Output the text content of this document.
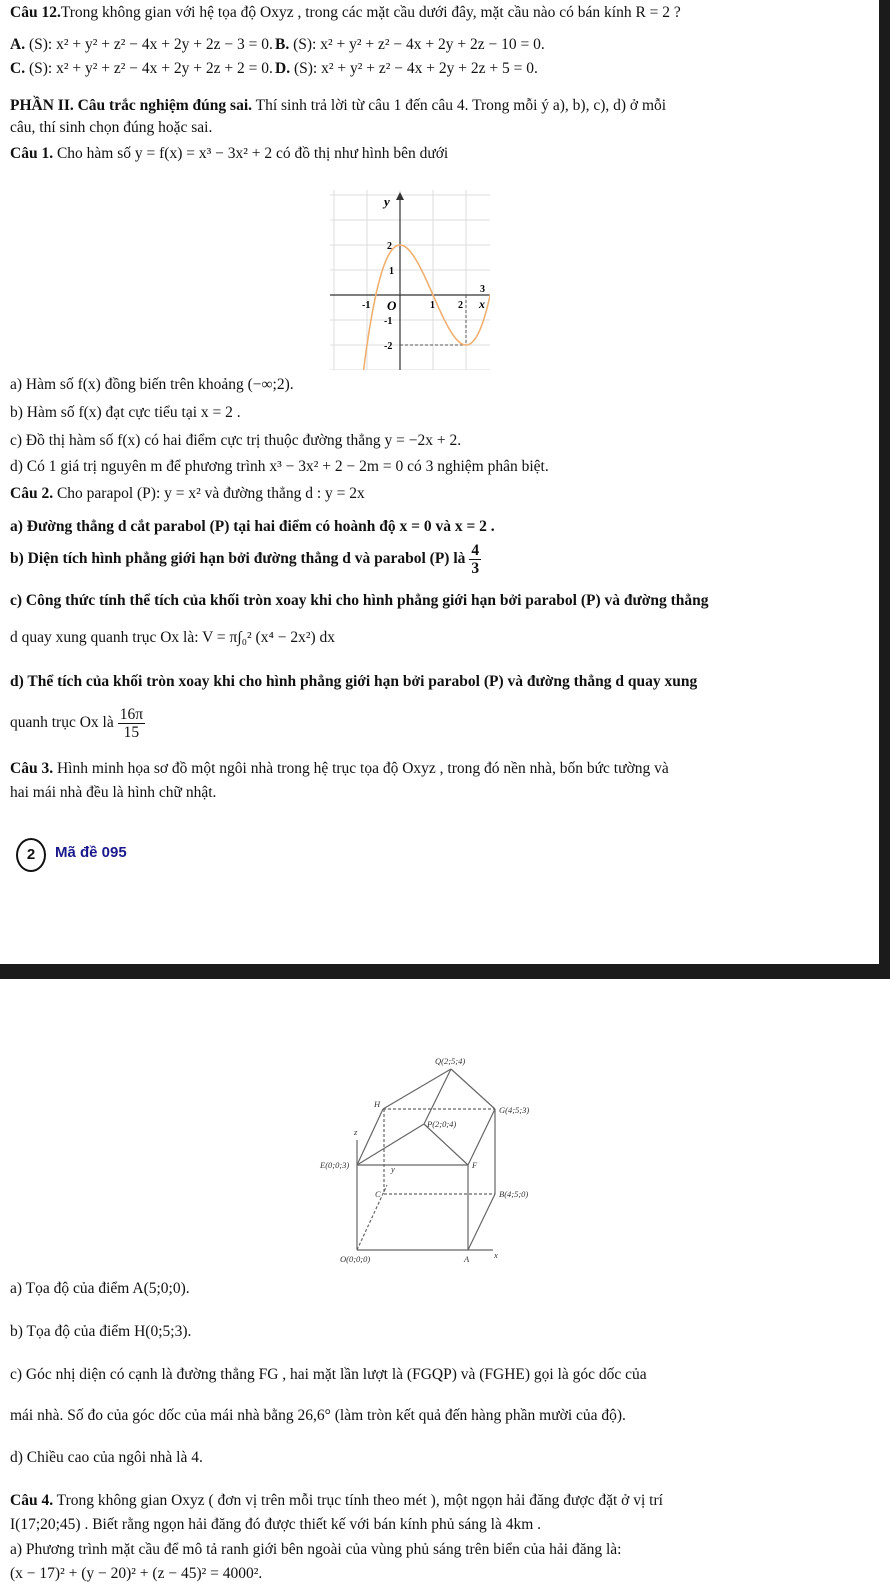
Câu 12.Trong không gian với hệ tọa độ Oxyz , trong các mặt cầu dưới đây, mặt cầu nào có bán kính R = 2 ?
A. (S): x² + y² + z² − 4x + 2y + 2z − 3 = 0. B. (S): x² + y² + z² − 4x + 2y + 2z − 10 = 0.
C. (S): x² + y² + z² − 4x + 2y + 2z + 2 = 0. D. (S): x² + y² + z² − 4x + 2y + 2z + 5 = 0.
PHẦN II. Câu trắc nghiệm đúng sai. Thí sinh trả lời từ câu 1 đến câu 4. Trong mỗi ý a), b), c), d) ở mỗi
câu, thí sinh chọn đúng hoặc sai.
Câu 1. Cho hàm số y = f(x) = x³ − 3x² + 2 có đồ thị như hình bên dưới
y
x
O
-1	1 2
3
2
1
-1
-2
a) Hàm số f(x) đồng biến trên khoảng (−∞;2).
b) Hàm số f(x) đạt cực tiểu tại x = 2 .
c) Đồ thị hàm số f(x) có hai điểm cực trị thuộc đường thẳng y = −2x + 2.
d) Có 1 giá trị nguyên m để phương trình x³ − 3x² + 2 − 2m = 0 có 3 nghiệm phân biệt.
Câu 2. Cho parapol (P): y = x² và đường thẳng d : y = 2x
a) Đường thẳng d cắt parabol (P) tại hai điểm có hoành độ x = 0 và x = 2 .
b) Diện tích hình phẳng giới hạn bởi đường thẳng d và parabol (P) là $\frac{4}{3}$
c) Công thức tính thể tích của khối tròn xoay khi cho hình phẳng giới hạn bởi parabol (P) và đường thẳng
d quay xung quanh trục Ox là: V = π∫₀² (x⁴ − 2x²) dx
d) Thể tích của khối tròn xoay khi cho hình phẳng giới hạn bởi parabol (P) và đường thẳng d quay xung
quanh trục Ox là $\frac{16\pi}{15}$
Câu 3. Hình minh họa sơ đồ một ngôi nhà trong hệ trục tọa độ Oxyz , trong đó nền nhà, bốn bức tường và
hai mái nhà đều là hình chữ nhật.
2	Mã đề 095
Q(2;5;4)
H
G(4;5;3)
P(2;0;4)
z
E(0;0;3)	F
y
C	B(4;5;0)
O(0;0;0)	A	x
a) Tọa độ của điểm A(5;0;0).
b) Tọa độ của điểm H(0;5;3).
c) Góc nhị diện có cạnh là đường thẳng FG , hai mặt lần lượt là (FGQP) và (FGHE) gọi là góc dốc của
mái nhà. Số đo của góc dốc của mái nhà bằng 26,6° (làm tròn kết quả đến hàng phần mười của độ).
d) Chiều cao của ngôi nhà là 4.
Câu 4. Trong không gian Oxyz ( đơn vị trên mỗi trục tính theo mét ), một ngọn hải đăng được đặt ở vị trí
I(17;20;45) . Biết rằng ngọn hải đăng đó được thiết kế với bán kính phủ sáng là 4km .
a) Phương trình mặt cầu để mô tả ranh giới bên ngoài của vùng phủ sáng trên biển của hải đăng là:
(x − 17)² + (y − 20)² + (z − 45)² = 4000².
